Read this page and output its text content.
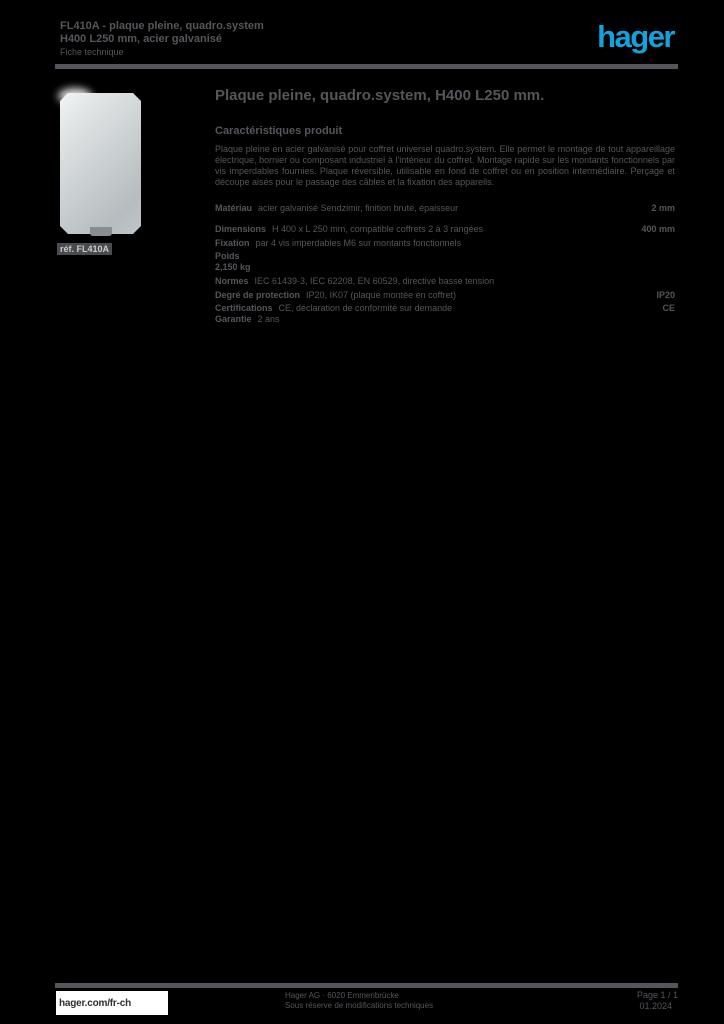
FL410A - plaque pleine, quadro.system
H400 L250 mm, acier galvanisé
Fiche technique	hager
réf. FL410A
Plaque pleine, quadro.system, H400 L250 mm.
Caractéristiques produit
Plaque pleine en acier galvanisé pour coffret universel quadro.system. Elle permet le montage de tout appareillage électrique, bornier ou composant industriel à l'intérieur du coffret. Montage rapide sur les montants fonctionnels par vis imperdables fournies. Plaque réversible, utilisable en fond de coffret ou en position intermédiaire. Perçage et découpe aisés pour le passage des câbles et la fixation des appareils.
Matériau acier galvanisé Sendzimir, finition brute, épaisseur	2 mm
Dimensions H 400 x L 250 mm, compatible coffrets 2 à 3 rangées	400 mm
Fixation par 4 vis imperdables M6 sur montants fonctionnels
Poids
2,150 kg
Normes IEC 61439-3, IEC 62208, EN 60529, directive basse tension
Degré de protection IP20, IK07 (plaque montée en coffret)	IP20
Certifications CE, déclaration de conformité sur demande	CE
Garantie 2 ans
hager.com/fr-ch
Hager AG · 6020 Emmenbrücke
Sous réserve de modifications techniques
Page 1 / 1
01.2024
